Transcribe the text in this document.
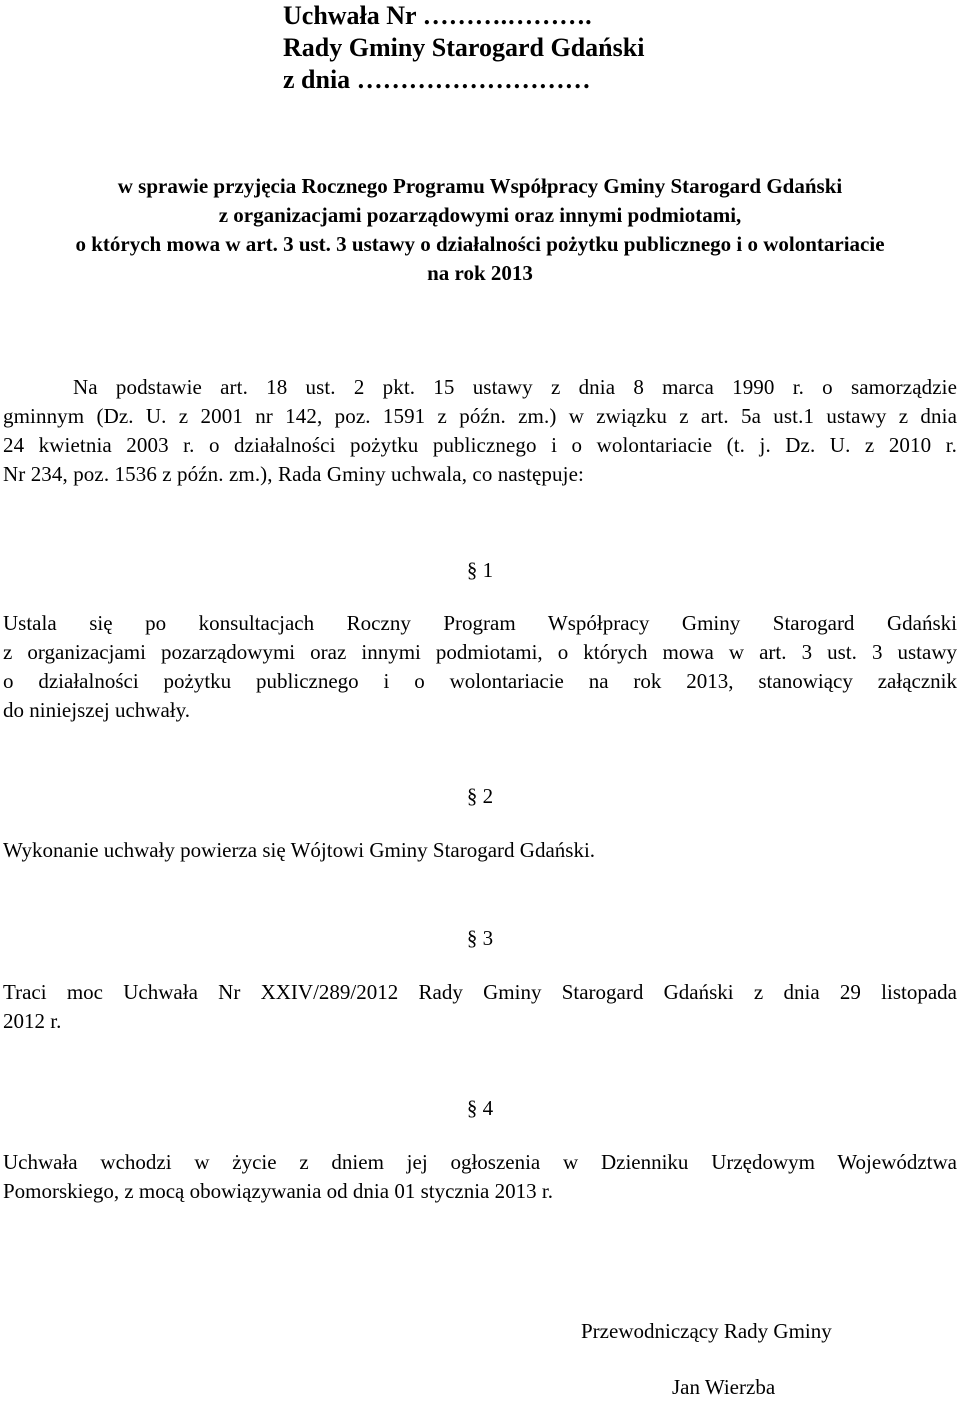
Uchwała Nr ……….……….
Rady Gminy Starogard Gdański
z dnia ………………………
w sprawie przyjęcia Rocznego Programu Współpracy Gminy Starogard Gdański
z organizacjami pozarządowymi oraz innymi podmiotami,
o których mowa w art. 3 ust. 3 ustawy o działalności pożytku publicznego i o wolontariacie
na rok 2013
Na podstawie art. 18 ust. 2 pkt. 15 ustawy z dnia 8 marca 1990 r. o samorządzie
gminnym (Dz. U. z 2001 nr 142, poz. 1591 z późn. zm.) w związku z art. 5a ust.1 ustawy z dnia
24 kwietnia 2003 r. o działalności pożytku publicznego i o wolontariacie (t. j. Dz. U. z 2010 r.
Nr 234, poz. 1536 z późn. zm.), Rada Gminy uchwala, co następuje:
§ 1
Ustala się po konsultacjach Roczny Program Współpracy Gminy Starogard Gdański
z organizacjami pozarządowymi oraz innymi podmiotami, o których mowa w art. 3 ust. 3 ustawy
o działalności pożytku publicznego i o wolontariacie na rok 2013, stanowiący załącznik
do niniejszej uchwały.
§ 2
Wykonanie uchwały powierza się Wójtowi Gminy Starogard Gdański.
§ 3
Traci moc Uchwała Nr XXIV/289/2012 Rady Gminy Starogard Gdański z dnia 29 listopada
2012 r.
§ 4
Uchwała wchodzi w życie z dniem jej ogłoszenia w Dzienniku Urzędowym Województwa
Pomorskiego, z mocą obowiązywania od dnia 01 stycznia 2013 r.
Przewodniczący Rady Gminy
Jan Wierzba
